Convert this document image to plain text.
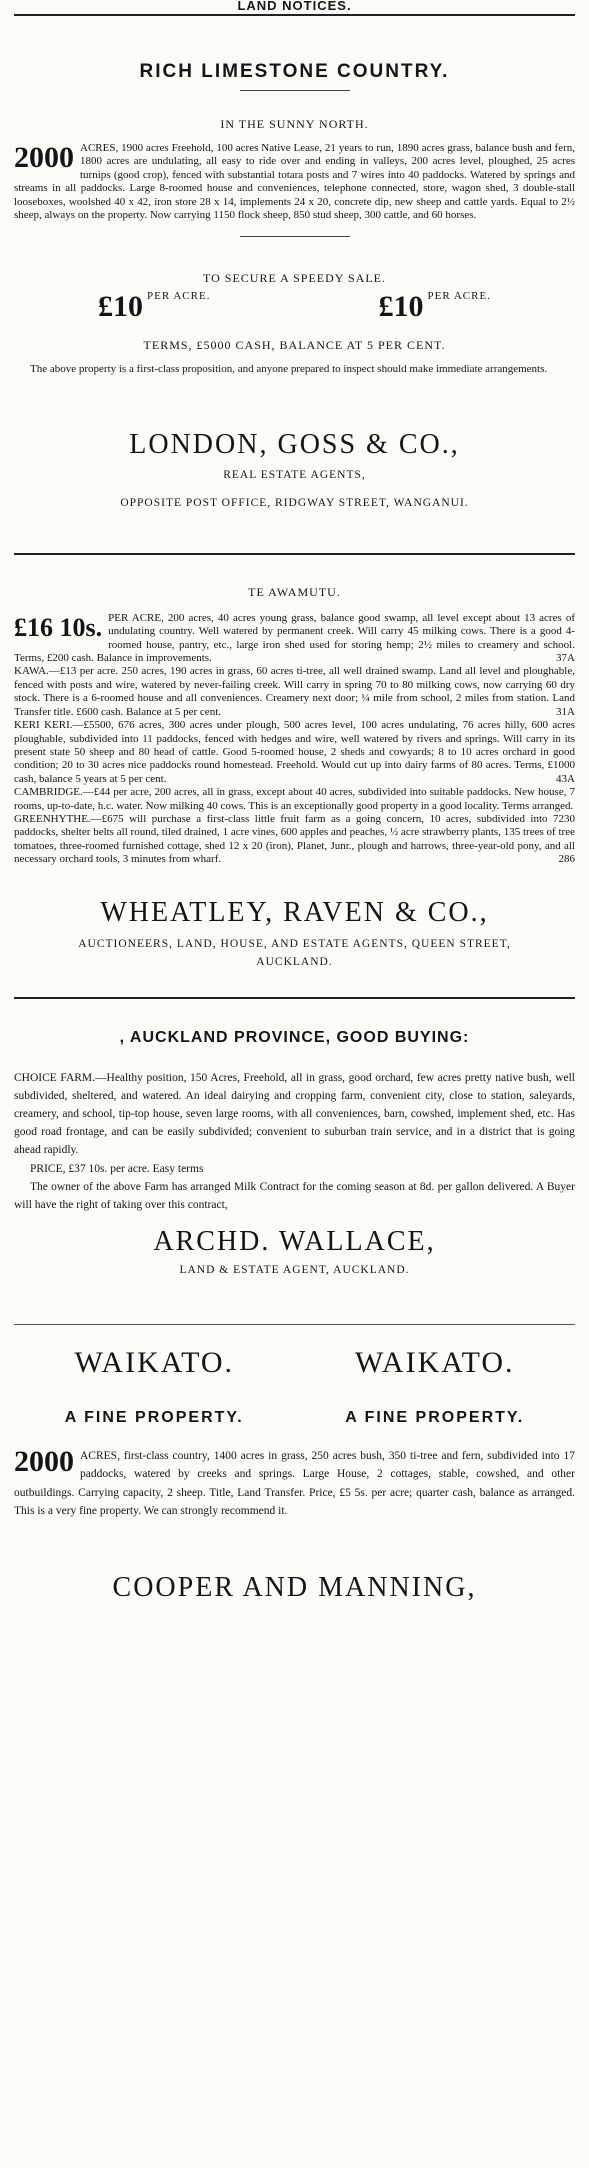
LAND NOTICES.
RICH LIMESTONE COUNTRY.
IN THE SUNNY NORTH.
2000 ACRES, 1900 acres Freehold, 100 acres Native Lease, 21 years to run, 1890 acres grass, balance bush and fern, 1800 acres are undulating, all easy to ride over and ending in valleys, 200 acres level, ploughed, 25 acres turnips (good crop), fenced with substantial totara posts and 7 wires into 40 paddocks. Watered by springs and streams in all paddocks. Large 8-roomed house and conveniences, telephone connected, store, wagon shed, 3 double-stall looseboxes, woolshed 40 x 42, iron store 28 x 14, implements 24 x 20, concrete dip, new sheep and cattle yards. Equal to 2½ sheep, always on the property. Now carrying 1150 flock sheep, 850 stud sheep, 300 cattle, and 60 horses.
TO SECURE A SPEEDY SALE.
£10 $^{PER ACRE.}$	£10 $^{PER ACRE.}$
TERMS, £5000 CASH, BALANCE AT 5 PER CENT.

The above property is a first-class proposition, and anyone prepared to inspect should make immediate arrangements.

LONDON, GOSS & CO.,
REAL ESTATE AGENTS,
OPPOSITE POST OFFICE, RIDGWAY STREET, WANGANUI.
TE AWAMUTU.

£16 10s. PER ACRE, 200 acres, 40 acres young grass, balance good swamp, all level except about 13 acres of undulating country. Well watered by permanent creek. Will carry 45 milking cows. There is a good 4-roomed house, pantry, etc., large iron shed used for storing hemp; 2½ miles to creamery and school. Terms, £200 cash. Balance in improvements.	37A

KAWA.—£13 per acre. 250 acres, 190 acres in grass, 60 acres ti-tree, all well drained swamp. Land all level and ploughable, fenced with posts and wire, watered by never-failing creek. Will carry in spring 70 to 80 milking cows, now carrying 60 dry stock. There is a 6-roomed house and all conveniences. Creamery next door; ¼ mile from school, 2 miles from station. Land Transfer title. £600 cash. Balance at 5 per cent.	31A

KERI KERI.—£5500, 676 acres, 300 acres under plough, 500 acres level, 100 acres undulating, 76 acres hilly, 600 acres ploughable, subdivided into 11 paddocks, fenced with hedges and wire, well watered by rivers and springs. Will carry in its present state 50 sheep and 80 head of cattle. Good 5-roomed house, 2 sheds and cowyards; 8 to 10 acres orchard in good condition; 20 to 30 acres nice paddocks round homestead. Freehold. Would cut up into dairy farms of 80 acres. Terms, £1000 cash, balance 5 years at 5 per cent.	43A

CAMBRIDGE.—£44 per acre, 200 acres, all in grass, except about 40 acres, subdivided into suitable paddocks. New house, 7 rooms, up-to-date, h.c. water. Now milking 40 cows. This is an exceptionally good property in a good locality. Terms arranged.
230

GREENHYTHE.—£675 will purchase a first-class little fruit farm as a going concern, 10 acres, subdivided into 7 paddocks, shelter belts all round, tiled drained, 1 acre vines, 600 apples and peaches, ½ acre strawberry plants, 135 trees of tree tomatoes, three-roomed furnished cottage, shed 12 x 20 (iron), Planet, Junr., plough and harrows, three-year-old pony, and all necessary orchard tools, 3 minutes from wharf.	286

WHEATLEY, RAVEN & CO.,
AUCTIONEERS, LAND, HOUSE, AND ESTATE AGENTS, QUEEN STREET, AUCKLAND.
, AUCKLAND PROVINCE, GOOD BUYING:

CHOICE FARM.—Healthy position, 150 Acres, Freehold, all in grass, good orchard, few acres pretty native bush, well subdivided, sheltered, and watered. An ideal dairying and cropping farm, convenient city, close to station, saleyards, creamery, and school, tip-top house, seven large rooms, with all conveniences, barn, cowshed, implement shed, etc. Has good road frontage, and can be easily subdivided; convenient to suburban train service, and in a district that is going ahead rapidly.

PRICE, £37 10s. per acre. Easy terms

The owner of the above Farm has arranged Milk Contract for the coming season at 8d. per gallon delivered. A Buyer will have the right of taking over this contract,

ARCHD. WALLACE,
LAND & ESTATE AGENT, AUCKLAND.
WAIKATO.	WAIKATO.
A FINE PROPERTY.	A FINE PROPERTY.
2000 ACRES, first-class country, 1400 acres in grass, 250 acres bush, 350 ti-tree and fern, subdivided into 17 paddocks, watered by creeks and springs. Large House, 2 cottages, stable, cowshed, and other outbuildings. Carrying capacity, 2 sheep. Title, Land Transfer. Price, £5 5s. per acre; quarter cash, balance as arranged. This is a very fine property. We can strongly recommend it.
COOPER AND MANNING,
